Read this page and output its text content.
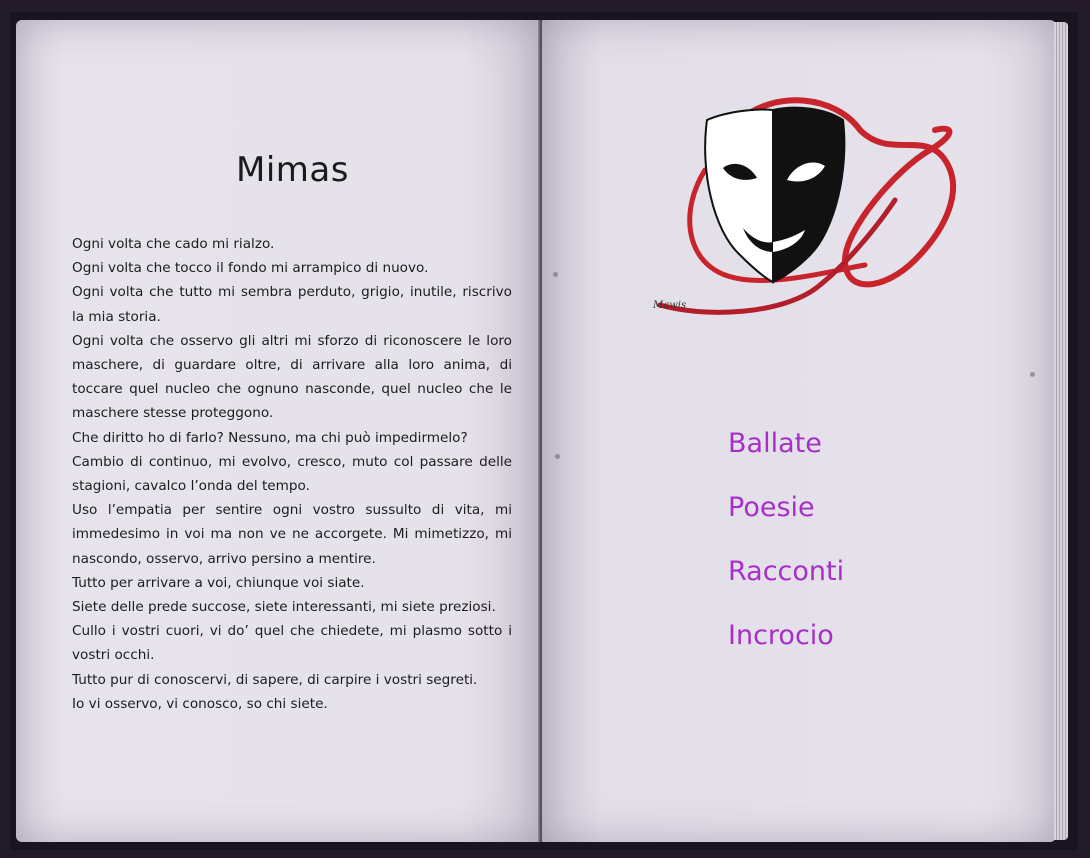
Mimas

Ogni volta che cado mi rialzo.

Ogni volta che tocco il fondo mi arrampico di nuovo.

Ogni volta che tutto mi sembra perduto, grigio, inutile, riscrivo la mia storia.

Ogni volta che osservo gli altri mi sforzo di riconoscere le loro maschere, di guardare oltre, di arrivare alla loro anima, di toccare quel nucleo che ognuno nasconde, quel nucleo che le maschere stesse proteggono.

Che diritto ho di farlo? Nessuno, ma chi può impedirmelo?

Cambio di continuo, mi evolvo, cresco, muto col passare delle stagioni, cavalco l’onda del tempo.

Uso l’empatia per sentire ogni vostro sussulto di vita, mi immedesimo in voi ma non ve ne accorgete. Mi mimetizzo, mi nascondo, osservo, arrivo persino a mentire.

Tutto per arrivare a voi, chiunque voi siate.

Siete delle prede succose, siete interessanti, mi siete preziosi.

Cullo i vostri cuori, vi do’ quel che chiedete, mi plasmo sotto i vostri occhi.

Tutto pur di conoscervi, di sapere, di carpire i vostri segreti.

Io vi osservo, vi conosco, so chi siete.

Mawis
Ballate
Poesie
Racconti
Incrocio
